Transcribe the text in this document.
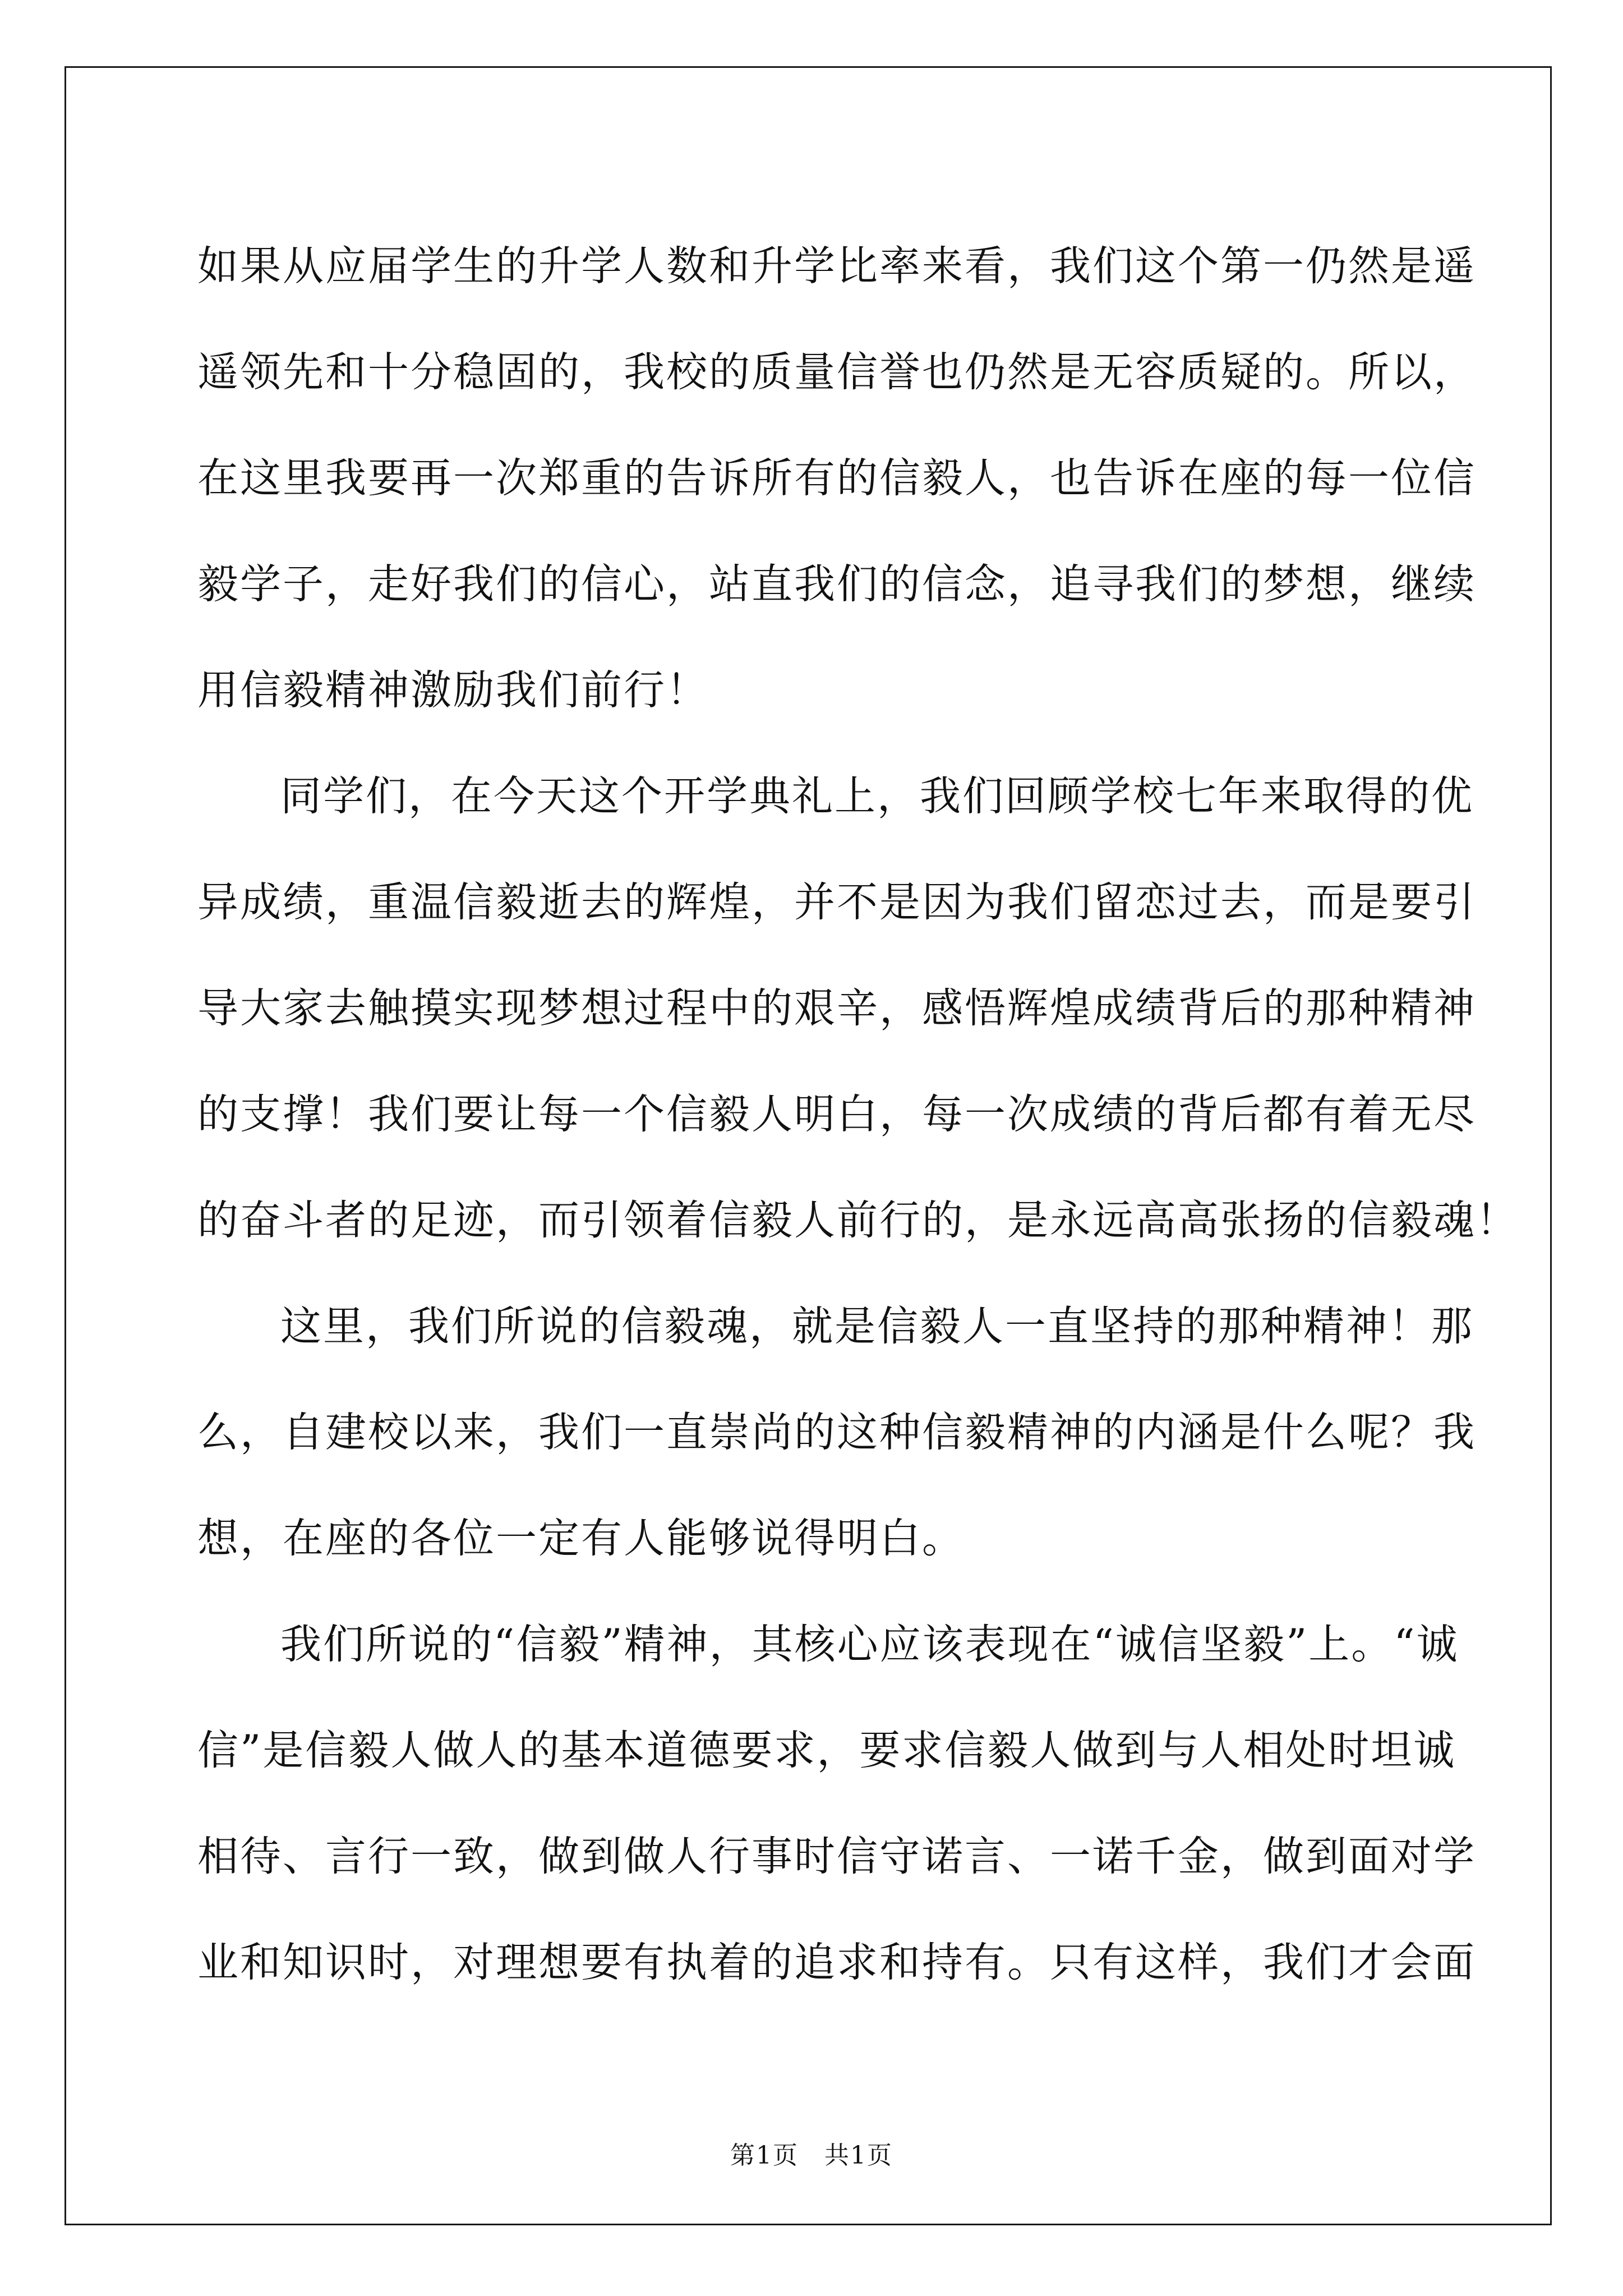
如果从应届学生的升学人数和升学比率来看，我们这个第一仍然是遥
遥领先和十分稳固的，我校的质量信誉也仍然是无容质疑的。所以，
在这里我要再一次郑重的告诉所有的信毅人，也告诉在座的每一位信
毅学子，走好我们的信心，站直我们的信念，追寻我们的梦想，继续
用信毅精神激励我们前行！
同学们，在今天这个开学典礼上，我们回顾学校七年来取得的优
异成绩，重温信毅逝去的辉煌，并不是因为我们留恋过去，而是要引
导大家去触摸实现梦想过程中的艰辛，感悟辉煌成绩背后的那种精神
的支撑！我们要让每一个信毅人明白，每一次成绩的背后都有着无尽
的奋斗者的足迹，而引领着信毅人前行的，是永远高高张扬的信毅魂！
这里，我们所说的信毅魂，就是信毅人一直坚持的那种精神！那
么，自建校以来，我们一直崇尚的这种信毅精神的内涵是什么呢？我
想，在座的各位一定有人能够说得明白。
我们所说的“信毅”精神，其核心应该表现在“诚信坚毅”上。“诚
信”是信毅人做人的基本道德要求，要求信毅人做到与人相处时坦诚
相待、言行一致，做到做人行事时信守诺言、一诺千金，做到面对学
业和知识时，对理想要有执着的追求和持有。只有这样，我们才会面
第1页　共1页
